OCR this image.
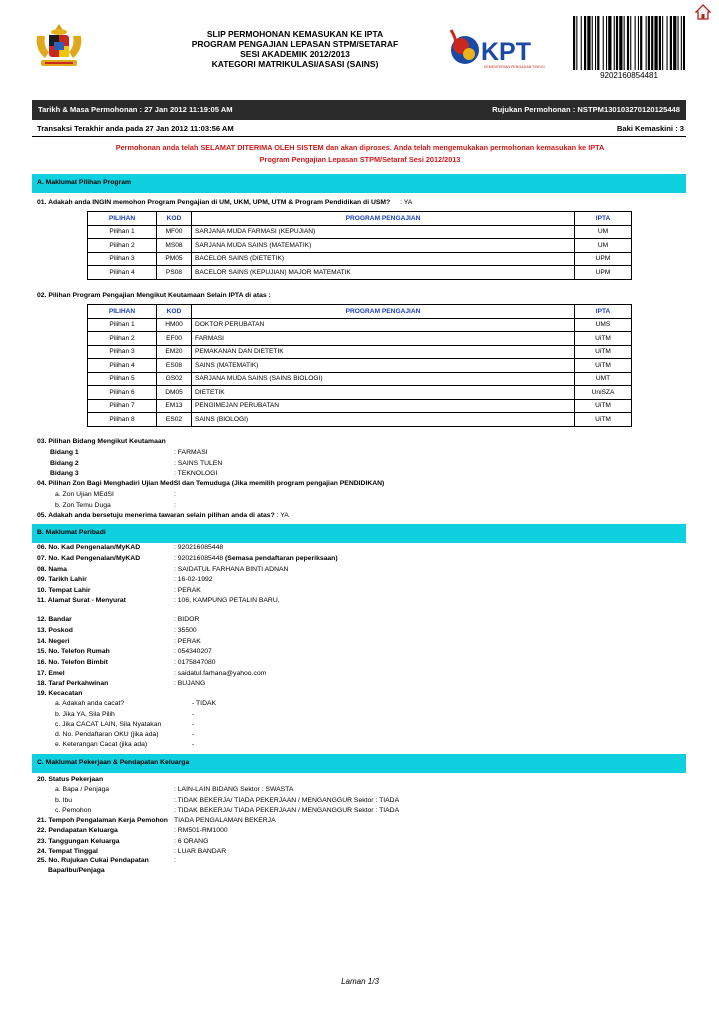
SLIP PERMOHONAN KEMASUKAN KE IPTA
PROGRAM PENGAJIAN LEPASAN STPM/SETARAF
SESI AKADEMIK 2012/2013
KATEGORI MATRIKULASI/ASASI (SAINS)	KPT
KEMENTERIAN PENGAJIAN TINGGI
9202160854481
Tarikh & Masa Permohonan : 27 Jan 2012 11:19:05 AM	Rujukan Permohonan : NSTPM130103270120125448
Transaksi Terakhir anda pada 27 Jan 2012 11:03:56 AM	Baki Kemaskini : 3
Permohonan anda telah SELAMAT DITERIMA OLEH SISTEM dan akan diproses. Anda telah mengemukakan permohonan kemasukan ke IPTA
Program Pengajian Lepasan STPM/Setaraf Sesi 2012/2013
A. Maklumat Pilihan Program
01. Adakah anda INGIN memohon Program Pengajian di UM, UKM, UPM, UTM & Program Pendidikan di USM? : YA
PILIHAN	KOD	PROGRAM PENGAJIAN	IPTA
Pilihan 1	MF00	SARJANA MUDA FARMASI (KEPUJIAN)	UM
Pilihan 2	MS08	SARJANA MUDA SAINS (MATEMATIK)	UM
Pilihan 3	PM05	BACELOR SAINS (DIETETIK)	UPM
Pilihan 4	PS08	BACELOR SAINS (KEPUJIAN) MAJOR MATEMATIK	UPM
02. Pilihan Program Pengajian Mengikut Keutamaan Selain IPTA di atas :
PILIHAN	KOD	PROGRAM PENGAJIAN	IPTA
Pilihan 1	HM00	DOKTOR PERUBATAN	UMS
Pilihan 2	EF00	FARMASI	UiTM
Pilihan 3	EM20	PEMAKANAN DAN DIETETIK	UiTM
Pilihan 4	ES08	SAINS (MATEMATIK)	UiTM
Pilihan 5	GS02	SARJANA MUDA SAINS (SAINS BIOLOGI)	UMT
Pilihan 6	DM05	DIETETIK	UniSZA
Pilihan 7	EM13	PENGIMEJAN PERUBATAN	UiTM
Pilihan 8	ES02	SAINS (BIOLOGI)	UiTM
03. Pilihan Bidang Mengikut Keutamaan
Bidang 1	: FARMASI
Bidang 2	: SAINS TULEN
Bidang 3	: TEKNOLOGI
04. Pilihan Zon Bagi Menghadiri Ujian MedSI dan Temuduga (Jika memilih program pengajian PENDIDIKAN)
a. Zon Ujian MEdSI	:
b. Zon Temu Duga	:
05. Adakah anda bersetuju menerima tawaran selain pilihan anda di atas? : YA
B. Maklumat Peribadi
06. No. Kad Pengenalan/MyKAD	: 920216085448
07. No. Kad Pengenalan/MyKAD	: 920216085448 (Semasa pendaftaran peperiksaan)
08. Nama	: SAIDATUL FARHANA BINTI ADNAN
09. Tarikh Lahir	: 16-02-1992
10. Tempat Lahir	: PERAK
11. Alamat Surat - Menyurat	: 106, KAMPUNG PETALIN BARU,
12. Bandar	: BIDOR
13. Poskod	: 35500
14. Negeri	: PERAK
15. No. Telefon Rumah	: 054340207
16. No. Telefon Bimbit	: 0175847080
17. Emel	: saidatul.farhana@yahoo.com
18. Taraf Perkahwinan	: BUJANG
19. Kecacatan
a. Adakah anda cacat?	- TIDAK
b. Jika YA, Sila Pilih	-
c. Jika CACAT LAIN, Sila Nyatakan	-
d. No. Pendaftaran OKU (jika ada)	-
e. Keterangan Cacat (jika ada)	-
C. Maklumat Pekerjaan & Pendapatan Keluarga
20. Status Pekerjaan
a. Bapa / Penjaga	: LAIN-LAIN BIDANG Sektor : SWASTA
b. Ibu	: TIDAK BEKERJA/ TIADA PEKERJAAN / MENGANGGUR Sektor : TIADA
c. Pemohon	: TIDAK BEKERJA/ TIADA PEKERJAAN / MENGANGGUR Sektor : TIADA
21. Tempoh Pengalaman Kerja Pemohon TIADA PENGALAMAN BEKERJA
22. Pendapatan Keluarga	: RM501-RM1000
23. Tanggungan Keluarga	: 6 ORANG
24. Tempat Tinggal	: LUAR BANDAR
25. No. Rujukan Cukai Pendapatan	:
Bapa/Ibu/Penjaga
Laman 1/3
